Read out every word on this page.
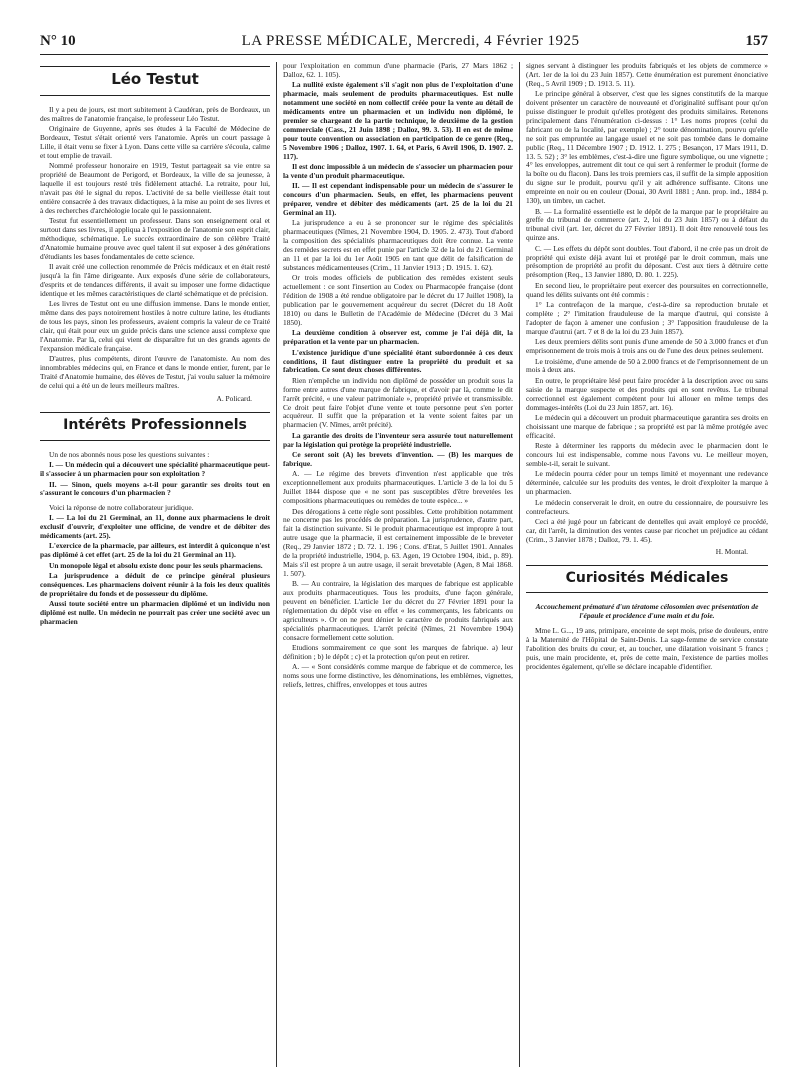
N° 10	LA PRESSE MÉDICALE, Mercredi, 4 Février 1925	157
Léo Testut

Il y a peu de jours, est mort subitement à Caudéran, près de Bordeaux, un des maîtres de l'anatomie française, le professeur Léo Testut.

Originaire de Guyenne, après ses études à la Faculté de Médecine de Bordeaux, Testut s'était orienté vers l'anatomie. Après un court passage à Lille, il était venu se fixer à Lyon. Dans cette ville sa carrière s'écoula, calme et tout emplie de travail.

Nommé professeur honoraire en 1919, Testut partageait sa vie entre sa propriété de Beaumont de Perigord, et Bordeaux, la ville de sa jeunesse, à laquelle il est toujours resté très fidèlement attaché. La retraite, pour lui, n'avait pas été le signal du repos. L'activité de sa belle vieillesse était tout entière consacrée à des travaux didactiques, à la mise au point de ses livres et à des recherches d'archéologie locale qui le passionnaient.

Testut fut essentiellement un professeur. Dans son enseignement oral et surtout dans ses livres, il appliqua à l'exposition de l'anatomie son esprit clair, méthodique, schématique. Le succès extraordinaire de son célèbre Traité d'Anatomie humaine prouve avec quel talent il sut exposer à des générations d'étudiants les bases fondamentales de cette science.

Il avait créé une collection renommée de Précis médicaux et en était resté jusqu'à la fin l'âme dirigeante. Aux exposés d'une série de collaborateurs, d'esprits et de tendances différents, il avait su imposer une forme didactique identique et les mêmes caractéristiques de clarté schématique et de précision.

Les livres de Testut ont eu une diffusion immense. Dans le monde entier, même dans des pays notoirement hostiles à notre culture latine, les étudiants de tous les pays, sinon les professeurs, avaient compris la valeur de ce Traité clair, qui était pour eux un guide précis dans une science aussi complexe que l'Anatomie. Par là, celui qui vient de disparaître fut un des grands agents de l'expansion médicale française.

D'autres, plus compétents, diront l'œuvre de l'anatomiste. Au nom des innombrables médecins qui, en France et dans le monde entier, furent, par le Traité d'Anatomie humaine, des élèves de Testut, j'ai voulu saluer la mémoire de celui qui a été un de leurs meilleurs maîtres.

A. Policard.

Intérêts Professionnels

Un de nos abonnés nous pose les questions suivantes :

I. — Un médecin qui a découvert une spécialité pharmaceutique peut-il s'associer à un pharmacien pour son exploitation ?

II. — Sinon, quels moyens a-t-il pour garantir ses droits tout en s'assurant le concours d'un pharmacien ?

Voici la réponse de notre collaborateur juridique.

I. — La loi du 21 Germinal, an 11, donne aux pharmaciens le droit exclusif d'ouvrir, d'exploiter une officine, de vendre et de débiter des médicaments (art. 25).

L'exercice de la pharmacie, par ailleurs, est interdit à quiconque n'est pas diplômé à cet effet (art. 25 de la loi du 21 Germinal an 11).

Un monopole légal et absolu existe donc pour les seuls pharmaciens.

La jurisprudence a déduit de ce principe général plusieurs conséquences. Les pharmaciens doivent réunir à la fois les deux qualités de propriétaire du fonds et de possesseur du diplôme.

Aussi toute société entre un pharmacien diplômé et un individu non diplômé est nulle. Un médecin ne pourrait pas créer une société avec un pharmacien

pour l'exploitation en commun d'une pharmacie (Paris, 27 Mars 1862 ; Dalloz, 62. 1. 105).

La nullité existe également s'il s'agit non plus de l'exploitation d'une pharmacie, mais seulement de produits pharmaceutiques. Est nulle notamment une société en nom collectif créée pour la vente au détail de médicaments entre un pharmacien et un individu non diplômé, le premier se chargeant de la partie technique, le deuxième de la gestion commerciale (Cass., 21 Juin 1898 ; Dalloz, 99. 3. 53). Il en est de même pour toute convention ou association en participation de ce genre (Req., 5 Novembre 1906 ; Dalloz, 1907. 1. 64, et Paris, 6 Avril 1906, D. 1907. 2. 117).

Il est donc impossible à un médecin de s'associer un pharmacien pour la vente d'un produit pharmaceutique.

II. — Il est cependant indispensable pour un médecin de s'assurer le concours d'un pharmacien. Seuls, en effet, les pharmaciens peuvent préparer, vendre et débiter des médicaments (art. 25 de la loi du 21 Germinal an 11).

La jurisprudence a eu à se prononcer sur le régime des spécialités pharmaceutiques (Nîmes, 21 Novembre 1904, D. 1905. 2. 473). Tout d'abord la composition des spécialités pharmaceutiques doit être connue. La vente des remèdes secrets est en effet punie par l'article 32 de la loi du 21 Germinal an 11 et par la loi du 1er Août 1905 en tant que délit de falsification de substances médicamenteuses (Crim., 11 Janvier 1913 ; D. 1915. 1. 62).

Or trois modes officiels de publication des remèdes existent seuls actuellement : ce sont l'insertion au Codex ou Pharmacopée française (dont l'édition de 1908 a été rendue obligatoire par le décret du 17 Juillet 1908), la publication par le gouvernement acquéreur du secret (Décret du 18 Août 1810) ou dans le Bulletin de l'Académie de Médecine (Décret du 3 Mai 1850).

La deuxième condition à observer est, comme je l'ai déjà dit, la préparation et la vente par un pharmacien.

L'existence juridique d'une spécialité étant subordonnée à ces deux conditions, il faut distinguer entre la propriété du produit et sa fabrication. Ce sont deux choses différentes.

Rien n'empêche un individu non diplômé de posséder un produit sous la forme entre autres d'une marque de fabrique, et d'avoir par là, comme le dit l'arrêt précité, « une valeur patrimoniale », propriété privée et transmissible. Ce droit peut faire l'objet d'une vente et toute personne peut s'en porter acquéreur. Il suffit que la préparation et la vente soient faites par un pharmacien (V. Nîmes, arrêt précité).

La garantie des droits de l'inventeur sera assurée tout naturellement par la législation qui protège la propriété industrielle.

Ce seront soit (A) les brevets d'invention. — (B) les marques de fabrique.

A. — Le régime des brevets d'invention n'est applicable que très exceptionnellement aux produits pharmaceutiques. L'article 3 de la loi du 5 Juillet 1844 dispose que « ne sont pas susceptibles d'être brevetées les compositions pharmaceutiques ou remèdes de toute espèce... »

Des dérogations à cette règle sont possibles. Cette prohibition notamment ne concerne pas les procédés de préparation. La jurisprudence, d'autre part, fait la distinction suivante. Si le produit pharmaceutique est impropre à tout autre usage que la pharmacie, il est certainement impossible de le breveter (Req., 29 Janvier 1872 ; D. 72. 1. 196 ; Cons. d'Etat, 5 Juillet 1901. Annales de la propriété industrielle, 1904, p. 63. Agen, 19 Octobre 1904, ibid., p. 89). Mais s'il est propre à un autre usage, il serait brevetable (Agen, 8 Mai 1868. 1. 507).

B. — Au contraire, la législation des marques de fabrique est applicable aux produits pharmaceutiques. Tous les produits, d'une façon générale, peuvent en bénéficier. L'article 1er du décret du 27 Février 1891 pour la réglementation du dépôt vise en effet « les commerçants, les fabricants ou agriculteurs ». Or on ne peut dénier le caractère de produits fabriqués aux spécialités pharmaceutiques. L'arrêt précité (Nîmes, 21 Novembre 1904) consacre formellement cette solution.

Etudions sommairement ce que sont les marques de fabrique. a) leur définition ; b) le dépôt ; c) et la protection qu'on peut en retirer.

A. — « Sont considérés comme marque de fabrique et de commerce, les noms sous une forme distinctive, les dénominations, les emblèmes, vignettes, reliefs, lettres, chiffres, enveloppes et tous autres

signes servant à distinguer les produits fabriqués et les objets de commerce » (Art. 1er de la loi du 23 Juin 1857). Cette énumération est purement énonciative (Req., 5 Avril 1909 ; D. 1913. 5. 11).

Le principe général à observer, c'est que les signes constitutifs de la marque doivent présenter un caractère de nouveauté et d'originalité suffisant pour qu'on puisse distinguer le produit qu'elles protègent des produits similaires. Retenons principalement dans l'énumération ci-dessus : 1° Les noms propres (celui du fabricant ou de la localité, par exemple) ; 2° toute dénomination, pourvu qu'elle ne soit pas empruntée au langage usuel et ne soit pas tombée dans le domaine public (Req., 11 Décembre 1907 ; D. 1912. 1. 275 ; Besançon, 17 Mars 1911, D. 13. 5. 52) ; 3° les emblèmes, c'est-à-dire une figure symbolique, ou une vignette ; 4° les enveloppes, autrement dit tout ce qui sert à renfermer le produit (forme de la boîte ou du flacon). Dans les trois premiers cas, il suffit de la simple apposition du signe sur le produit, pourvu qu'il y ait adhérence suffisante. Citons une empreinte en noir ou en couleur (Douai, 30 Avril 1881 ; Ann. prop. ind., 1884 p. 130), un timbre, un cachet.

B. — La formalité essentielle est le dépôt de la marque par le propriétaire au greffe du tribunal de commerce (art. 2, loi du 23 Juin 1857) ou à défaut du tribunal civil (art. 1er, décret du 27 Février 1891). Il doit être renouvelé tous les quinze ans.

C. — Les effets du dépôt sont doubles. Tout d'abord, il ne crée pas un droit de propriété qui existe déjà avant lui et protégé par le droit commun, mais une présomption de propriété au profit du déposant. C'est aux tiers à détruire cette présomption (Req., 13 Janvier 1880, D. 80. 1. 225).

En second lieu, le propriétaire peut exercer des poursuites en correctionnelle, quand les délits suivants ont été commis :

1° La contrefaçon de la marque, c'est-à-dire sa reproduction brutale et complète ; 2° l'imitation frauduleuse de la marque d'autrui, qui consiste à l'adopter de façon à amener une confusion ; 3° l'apposition frauduleuse de la marque d'autrui (art. 7 et 8 de la loi du 23 Juin 1857).

Les deux premiers délits sont punis d'une amende de 50 à 3.000 francs et d'un emprisonnement de trois mois à trois ans ou de l'une des deux peines seulement.

Le troisième, d'une amende de 50 à 2.000 francs et de l'emprisonnement de un mois à deux ans.

En outre, le propriétaire lésé peut faire procéder à la description avec ou sans saisie de la marque suspecte et des produits qui en sont revêtus. Le tribunal correctionnel est également compétent pour lui allouer en même temps des dommages-intérêts (Loi du 23 Juin 1857, art. 16).

Le médecin qui a découvert un produit pharmaceutique garantira ses droits en choisissant une marque de fabrique ; sa propriété est par là même protégée avec efficacité.

Reste à déterminer les rapports du médecin avec le pharmacien dont le concours lui est indispensable, comme nous l'avons vu. Le meilleur moyen, semble-t-il, serait le suivant.

Le médecin pourra céder pour un temps limité et moyennant une redevance déterminée, calculée sur les produits des ventes, le droit d'exploiter la marque à un pharmacien.

Le médecin conserverait le droit, en outre du cessionnaire, de poursuivre les contrefacteurs.

Ceci a été jugé pour un fabricant de dentelles qui avait employé ce procédé, car, dit l'arrêt, la diminution des ventes cause par ricochet un préjudice au cédant (Crim., 3 Janvier 1878 ; Dalloz, 79. 1. 45).

H. Montal.

Curiosités Médicales

Accouchement prématuré d'un tératome célosomien avec présentation de l'épaule et procidence d'une main et du foie.

Mme L. G..., 19 ans, primipare, enceinte de sept mois, prise de douleurs, entre à la Maternité de l'Hôpital de Saint-Denis. La sage-femme de service constate l'abolition des bruits du cœur, et, au toucher, une dilatation voisinant 5 francs ; puis, une main procidente, et, près de cette main, l'existence de parties molles procidentes également, qu'elle se déclare incapable d'identifier.
